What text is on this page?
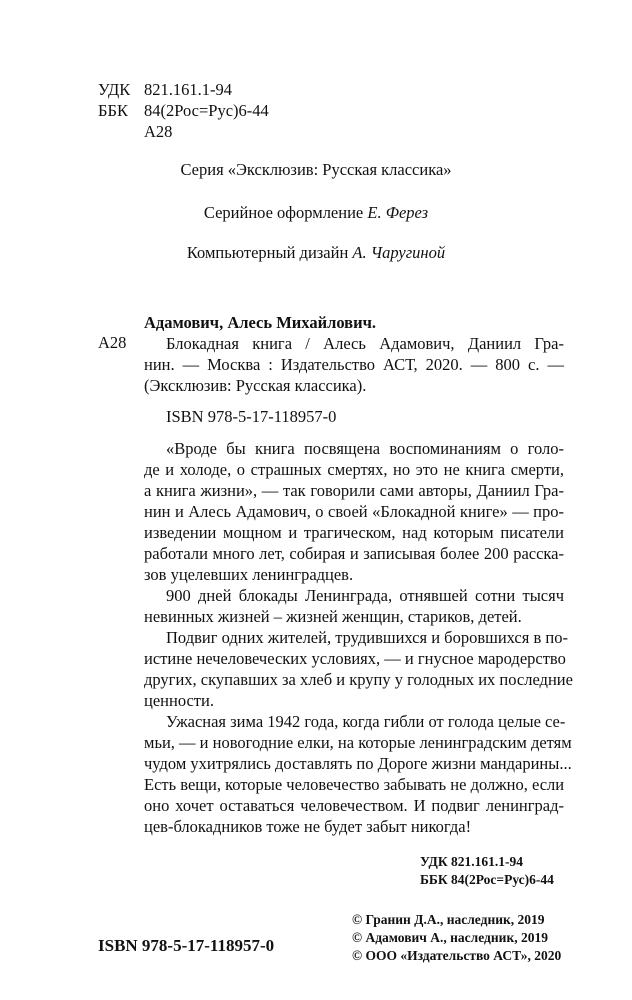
УДК 821.161.1-94
ББК 84(2Рос=Рус)6-44
А28
Серия «Эксклюзив: Русская классика»
Серийное оформление Е. Ферез
Компьютерный дизайн А. Чаругиной
Адамович, Алесь Михайлович.
А28 Блокадная книга / Алесь Адамович, Даниил Гра-
нин. — Москва : Издательство АСТ, 2020. — 800 с. —
(Эксклюзив: Русская классика).
ISBN 978-5-17-118957-0
«Вроде бы книга посвящена воспоминаниям о голо-
де и холоде, о страшных смертях, но это не книга смерти,
а книга жизни», — так говорили сами авторы, Даниил Гра-
нин и Алесь Адамович, о своей «Блокадной книге» — про-
изведении мощном и трагическом, над которым писатели
работали много лет, собирая и записывая более 200 расска-
зов уцелевших ленинградцев.
900 дней блокады Ленинграда, отнявшей сотни тысяч
невинных жизней – жизней женщин, стариков, детей.
Подвиг одних жителей, трудившихся и боровшихся в по-
истине нечеловеческих условиях, — и гнусное мародерство
других, скупавших за хлеб и крупу у голодных их последние
ценности.
Ужасная зима 1942 года, когда гибли от голода целые се-
мьи, — и новогодние елки, на которые ленинградским детям
чудом ухитрялись доставлять по Дороге жизни мандарины...
Есть вещи, которые человечество забывать не должно, если
оно хочет оставаться человечеством. И подвиг ленинград-
цев-блокадников тоже не будет забыт никогда!
УДК 821.161.1-94
ББК 84(2Рос=Рус)6-44
ISBN 978-5-17-118957-0
© Гранин Д.А., наследник, 2019
© Адамович А., наследник, 2019
© ООО «Издательство АСТ», 2020
